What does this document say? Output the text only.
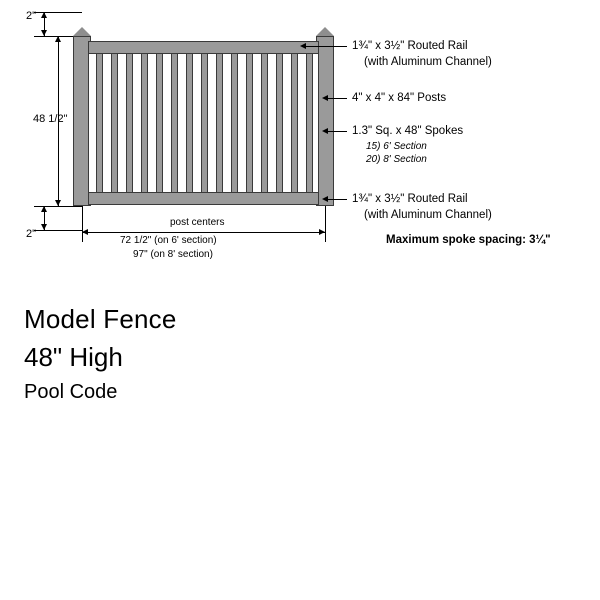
2"
48 1/2"
2"
post centers
72 1/2" (on 6' section)
97" (on 8' section)
1¾" x 3½" Routed Rail
(with Aluminum Channel)
4" x 4" x 84" Posts
1.3" Sq. x 48" Spokes
15) 6' Section
20) 8' Section
1¾" x 3½" Routed Rail
(with Aluminum Channel)
Maximum spoke spacing: 3¼"
Model Fence
48" High
Pool Code
